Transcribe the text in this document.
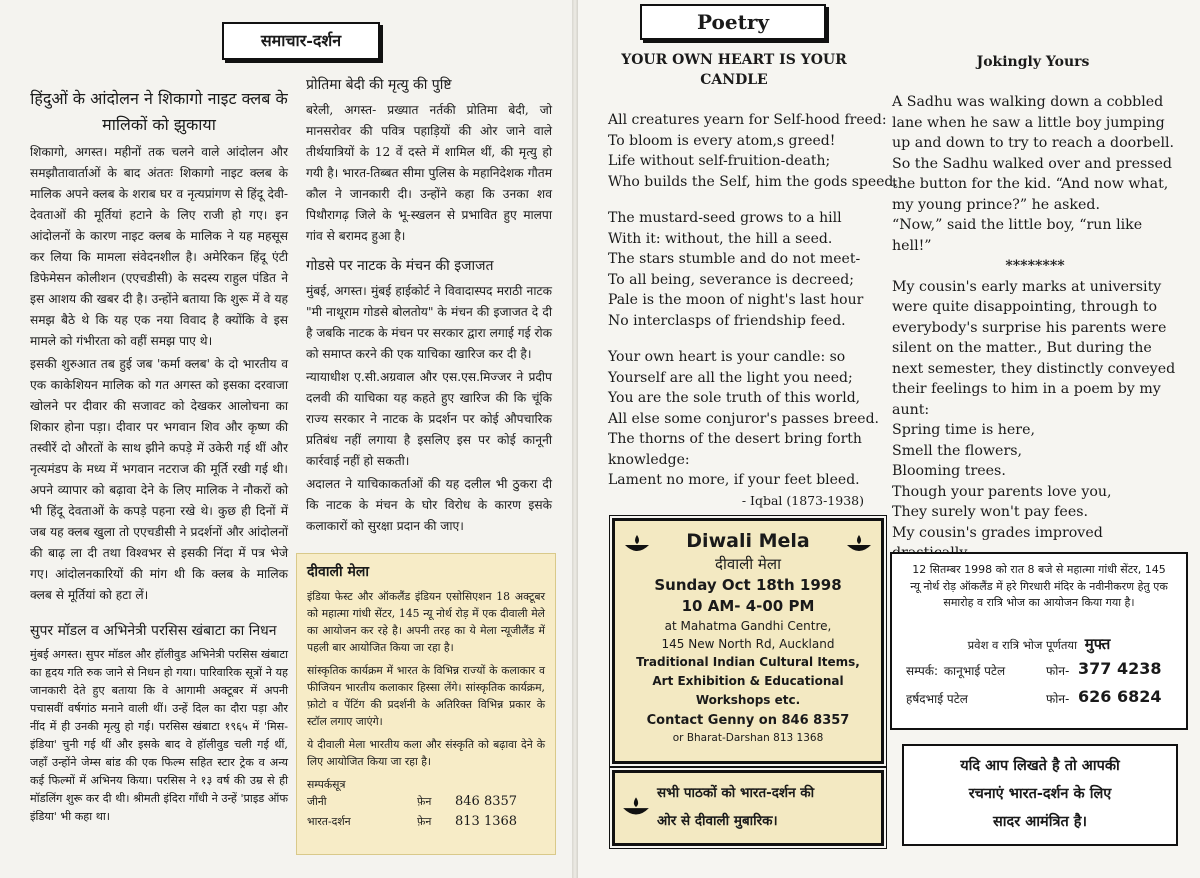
समाचार-दर्शन
हिंदुओं के आंदोलन ने शिकागो नाइट क्लब के मालिकों को झुकाया

शिकागो, अगस्त। महीनों तक चलने वाले आंदोलन और समझौतावार्ताओं के बाद अंततः शिकागो नाइट क्लब के मालिक अपने क्लब के शराब घर व नृत्यप्रांगण से हिंदू देवी-देवताओं की मूर्तियां हटाने के लिए राजी हो गए। इन आंदोलनों के कारण नाइट क्लब के मालिक ने यह महसूस कर लिया कि मामला संवेदनशील है। अमेरिकन हिंदू एंटी डिफेमेसन कोलीशन (एएचडीसी) के सदस्य राहुल पंडित ने इस आशय की खबर दी है। उन्होंने बताया कि शुरू में वे यह समझ बैठे थे कि यह एक नया विवाद है क्योंकि वे इस मामले को गंभीरता को वहीं समझ पाए थे।

इसकी शुरुआत तब हुई जब 'कर्मा क्लब' के दो भारतीय व एक काकेशियन मालिक को गत अगस्त को इसका दरवाजा खोलने पर दीवार की सजावट को देखकर आलोचना का शिकार होना पड़ा। दीवार पर भगवान शिव और कृष्ण की तस्वीरें दो औरतों के साथ झीने कपड़े में उकेरी गई थीं और नृत्यमंडप के मध्य में भगवान नटराज की मूर्ति रखी गई थी। अपने व्यापार को बढ़ावा देने के लिए मालिक ने नौकरों को भी हिंदू देवताओं के कपड़े पहना रखे थे। कुछ ही दिनों में जब यह क्लब खुला तो एएचडीसी ने प्रदर्शनों और आंदोलनों की बाढ़ ला दी तथा विश्वभर से इसकी निंदा में पत्र भेजे गए। आंदोलनकारियों की मांग थी कि क्लब के मालिक क्लब से मूर्तियां को हटा लें।

सुपर मॉडल व अभिनेत्री परसिस खंबाटा का निधन

मुंबई अगस्त। सुपर मॉडल और हॉलीवुड अभिनेत्री परसिस खंबाटा का हृदय गति रुक जाने से निधन हो गया। पारिवारिक सूत्रों ने यह जानकारी देते हुए बताया कि वे आगामी अक्टूबर में अपनी पचासवीं वर्षगांठ मनाने वाली थीं। उन्हें दिल का दौरा पड़ा और नींद में ही उनकी मृत्यु हो गई। परसिस खंबाटा १९६५ में 'मिस-इंडिया' चुनी गई थीं और इसके बाद वे हॉलीवुड चली गई थीं, जहाँ उन्होंने जेम्स बांड की एक फिल्म सहित स्टार ट्रेक व अन्य कई फिल्मों में अभिनय किया। परसिस ने १३ वर्ष की उम्र से ही मॉडलिंग शुरू कर दी थी। श्रीमती इंदिरा गाँधी ने उन्हें 'प्राइड ऑफ इंडिया' भी कहा था।

प्रोतिमा बेदी की मृत्यु की पुष्टि

बरेली, अगस्त- प्रख्यात नर्तकी प्रोतिमा बेदी, जो मानसरोवर की पवित्र पहाड़ियों की ओर जाने वाले तीर्थयात्रियों के 12 वें दस्ते में शामिल थीं, की मृत्यु हो गयी है। भारत-तिब्बत सीमा पुलिस के महानिदेशक गौतम कौल ने जानकारी दी। उन्होंने कहा कि उनका शव पिथौरागढ़ जिले के भू-स्खलन से प्रभावित हुए मालपा गांव से बरामद हुआ है।

गोडसे पर नाटक के मंचन की इजाजत

मुंबई, अगस्त। मुंबई हाईकोर्ट ने विवादास्पद मराठी नाटक "मी नाथूराम गोडसे बोलतोय" के मंचन की इजाजत दे दी है जबकि नाटक के मंचन पर सरकार द्वारा लगाई गई रोक को समाप्त करने की एक याचिका खारिज कर दी है।

न्यायाधीश ए.सी.अग्रवाल और एस.एस.मिज्जर ने प्रदीप दलवी की याचिका यह कहते हुए खारिज की कि चूंकि राज्य सरकार ने नाटक के प्रदर्शन पर कोई औपचारिक प्रतिबंध नहीं लगाया है इसलिए इस पर कोई कानूनी कार्रवाई नहीं हो सकती।

अदालत ने याचिकाकर्ताओं की यह दलील भी ठुकरा दी कि नाटक के मंचन के घोर विरोध के कारण इसके कलाकारों को सुरक्षा प्रदान की जाए।

दीवाली मेला

इंडिया फेस्ट और ऑकलैंड इंडियन एसोसिएशन 18 अक्टूबर को महात्मा गांधी सेंटर, 145 न्यू नोर्थ रोड़ में एक दीवाली मेले का आयोजन कर रहे है। अपनी तरह का ये मेला न्यूजीलैंड में पहली बार आयोजित किया जा रहा है।

सांस्कृतिक कार्यक्रम में भारत के विभिन्न राज्यों के कलाकार व फीजियन भारतीय कलाकार हिस्सा लेंगे। सांस्कृतिक कार्यक्रम, फ़ोटो व पेंटिंग की प्रदर्शनी के अतिरिक्त विभिन्न प्रकार के स्टॉल लगाए जाएंगे।

ये दीवाली मेला भारतीय कला और संस्कृति को बढ़ावा देने के लिए आयोजित किया जा रहा है।

सम्पर्कसूत्र
जीनी	फ़ेन 846 8357
भारत-दर्शन	फ़ेन 813 1368
Poetry
YOUR OWN HEART IS YOUR CANDLE
All creatures yearn for Self-hood freed:
To bloom is every atom,s greed!
Life without self-fruition-death;
Who builds the Self, him the gods speed.
The mustard-seed grows to a hill
With it: without, the hill a seed.
The stars stumble and do not meet-
To all being, severance is decreed;
Pale is the moon of night's last hour
No interclasps of friendship feed.
Your own heart is your candle: so
Yourself are all the light you need;
You are the sole truth of this world,
All else some conjuror's passes breed.
The thorns of the desert bring forth
knowledge:
Lament no more, if your feet bleed.
- Iqbal (1873-1938)
Diwali Mela
दीवाली मेला
Sunday Oct 18th 1998
10 AM- 4-00 PM
at Mahatma Gandhi Centre,
145 New North Rd, Auckland
Traditional Indian Cultural Items,
Art Exhibition & Educational
Workshops etc.
Contact Genny on 846 8357
or Bharat-Darshan 813 1368
सभी पाठकों को भारत-दर्शन की
ओर से दीवाली मुबारिक।
Jokingly Yours

A Sadhu was walking down a cobbled lane when he saw a little boy jumping up and down to try to reach a doorbell. So the Sadhu walked over and pressed the button for the kid. “And now what, my young prince?” he asked.

“Now,” said the little boy, “run like hell!”

********

My cousin's early marks at university were quite disappointing, through to everybody's surprise his parents were silent on the matter., But during the next semester, they distinctly conveyed their feelings to him in a poem by my aunt:

Spring time is here,
Smell the flowers,
Blooming trees.
Though your parents love you,
They surely won't pay fees.
My cousin's grades improved
12 सितम्बर 1998 को रात 8 बजे से महात्मा गांधी सेंटर, 145 न्यू नोर्थ रोड़ ऑकलैंड में हरे गिरधारी मंदिर के नवीनीकरण हेतु एक समारोह व रात्रि भोज का आयोजन किया गया है।
प्रवेश व रात्रि भोज पूर्णतया मुफ्त
सम्पर्क: कानूभाई पटेल	फोन- 377 4238
हर्षदभाई पटेल	फोन- 626 6824
यदि आप लिखते है तो आपकी
रचनाएं भारत-दर्शन के लिए
सादर आमंत्रित है।
